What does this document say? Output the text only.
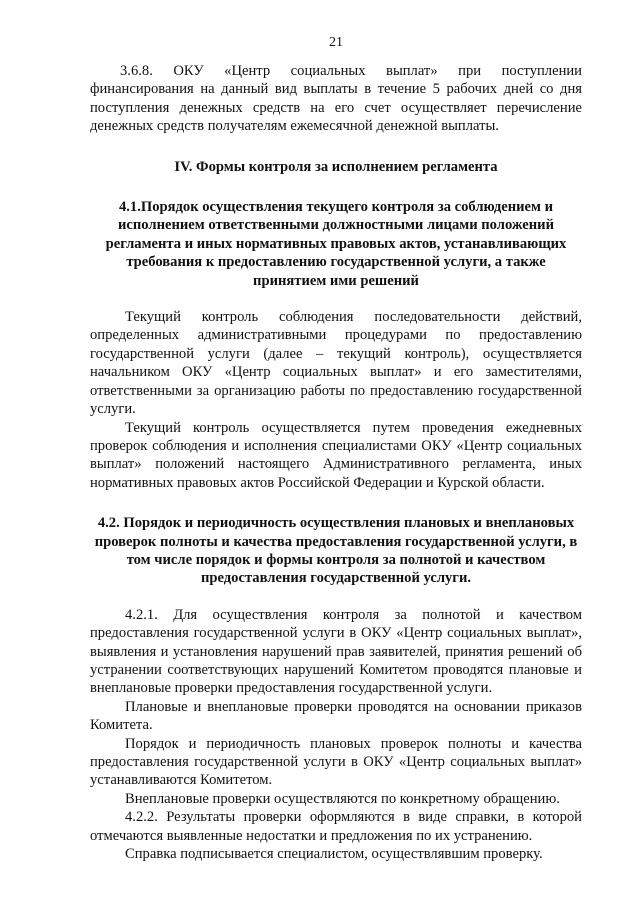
21

3.6.8. ОКУ «Центр социальных выплат» при поступлении финансирования на данный вид выплаты в течение 5 рабочих дней со дня поступления денежных средств на его счет осуществляет перечисление денежных средств получателям ежемесячной денежной выплаты.

IV. Формы контроля за исполнением регламента

4.1.Порядок осуществления текущего контроля за соблюдением и исполнением ответственными должностными лицами положений регламента и иных нормативных правовых актов, устанавливающих требования к предоставлению государственной услуги, а также принятием ими решений

Текущий контроль соблюдения последовательности действий, определенных административными процедурами по предоставлению государственной услуги (далее – текущий контроль), осуществляется начальником ОКУ «Центр социальных выплат» и его заместителями, ответственными за организацию работы по предоставлению государственной услуги.

Текущий контроль осуществляется путем проведения ежедневных проверок соблюдения и исполнения специалистами ОКУ «Центр социальных выплат» положений настоящего Административного регламента, иных нормативных правовых актов Российской Федерации и Курской области.

4.2. Порядок и периодичность осуществления плановых и внеплановых проверок полноты и качества предоставления государственной услуги, в том числе порядок и формы контроля за полнотой и качеством предоставления государственной услуги.

4.2.1. Для осуществления контроля за полнотой и качеством предоставления государственной услуги в ОКУ «Центр социальных выплат», выявления и установления нарушений прав заявителей, принятия решений об устранении соответствующих нарушений Комитетом проводятся плановые и внеплановые проверки предоставления государственной услуги.

Плановые и внеплановые проверки проводятся на основании приказов Комитета.

Порядок и периодичность плановых проверок полноты и качества предоставления государственной услуги в ОКУ «Центр социальных выплат» устанавливаются Комитетом.

Внеплановые проверки осуществляются по конкретному обращению.

4.2.2. Результаты проверки оформляются в виде справки, в которой отмечаются выявленные недостатки и предложения по их устранению.

Справка подписывается специалистом, осуществлявшим проверку.
